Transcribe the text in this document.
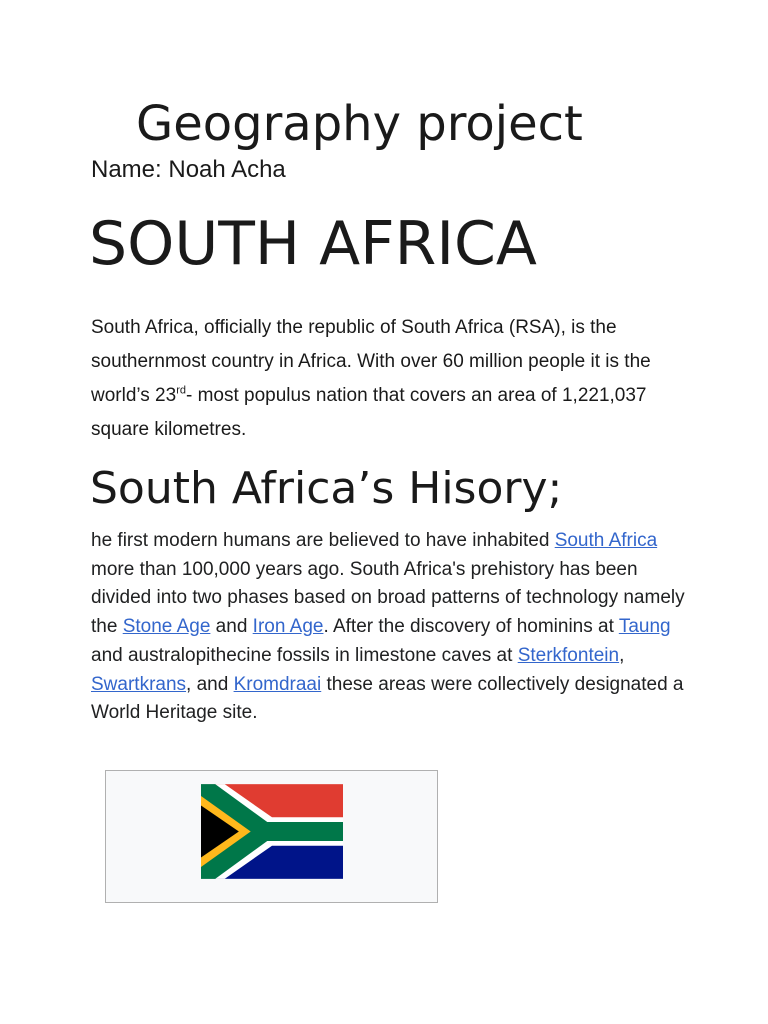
Geography project
Name: Noah Acha
SOUTH AFRICA

South Africa, officially the republic of South Africa (RSA), is the southernmost country in Africa. With over 60 million people it is the world’s 23rd- most populus nation that covers an area of 1,221,037 square kilometres.

South Africa’s Hisory;

he first modern humans are believed to have inhabited South Africa more than 100,000 years ago. South Africa's prehistory has been divided into two phases based on broad patterns of technology namely the Stone Age and Iron Age. After the discovery of hominins at Taung and australopithecine fossils in limestone caves at Sterkfontein, Swartkrans, and Kromdraai these areas were collectively designated a World Heritage site.
